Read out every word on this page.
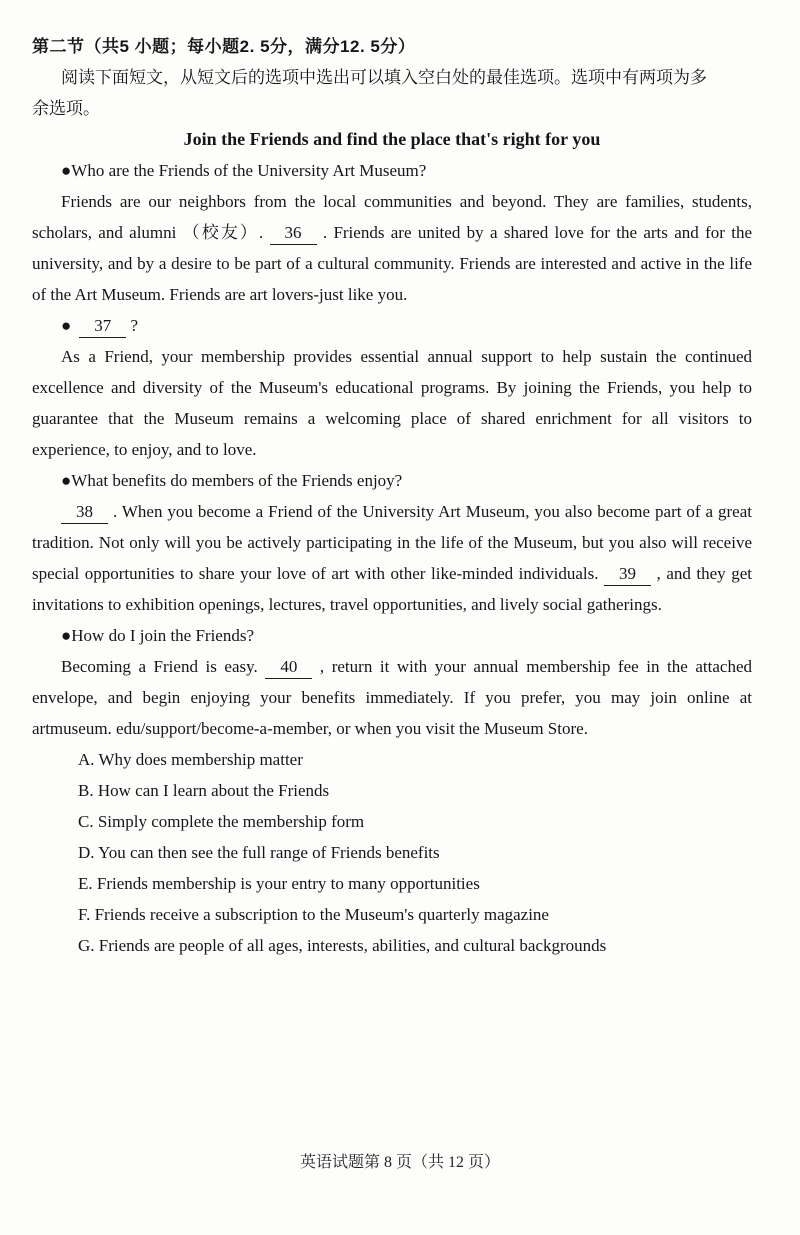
第二节（共5 小题；每小题2. 5分，满分12. 5分）
阅读下面短文，从短文后的选项中选出可以填入空白处的最佳选项。选项中有两项为多
余选项。
Join the Friends and find the place that's right for you
●Who are the Friends of the University Art Museum?

Friends are our neighbors from the local communities and beyond. They are families, students, scholars, and alumni （校友）. 36 . Friends are united by a shared love for the arts and for the university, and by a desire to be part of a cultural community. Friends are interested and active in the life of the Art Museum. Friends are art lovers-just like you.

● 37 ?

As a Friend, your membership provides essential annual support to help sustain the continued excellence and diversity of the Museum's educational programs. By joining the Friends, you help to guarantee that the Museum remains a welcoming place of shared enrichment for all visitors to experience, to enjoy, and to love.

●What benefits do members of the Friends enjoy?

38 . When you become a Friend of the University Art Museum, you also become part of a great tradition. Not only will you be actively participating in the life of the Museum, but you also will receive special opportunities to share your love of art with other like-minded individuals. 39 , and they get invitations to exhibition openings, lectures, travel opportunities, and lively social gatherings.

●How do I join the Friends?

Becoming a Friend is easy. 40 , return it with your annual membership fee in the attached envelope, and begin enjoying your benefits immediately. If you prefer, you may join online at artmuseum. edu/support/become-a-member, or when you visit the Museum Store.

A. Why does membership matter
B. How can I learn about the Friends
C. Simply complete the membership form
D. You can then see the full range of Friends benefits
E. Friends membership is your entry to many opportunities
F. Friends receive a subscription to the Museum's quarterly magazine
G. Friends are people of all ages, interests, abilities, and cultural backgrounds
英语试题第 8 页（共 12 页）
